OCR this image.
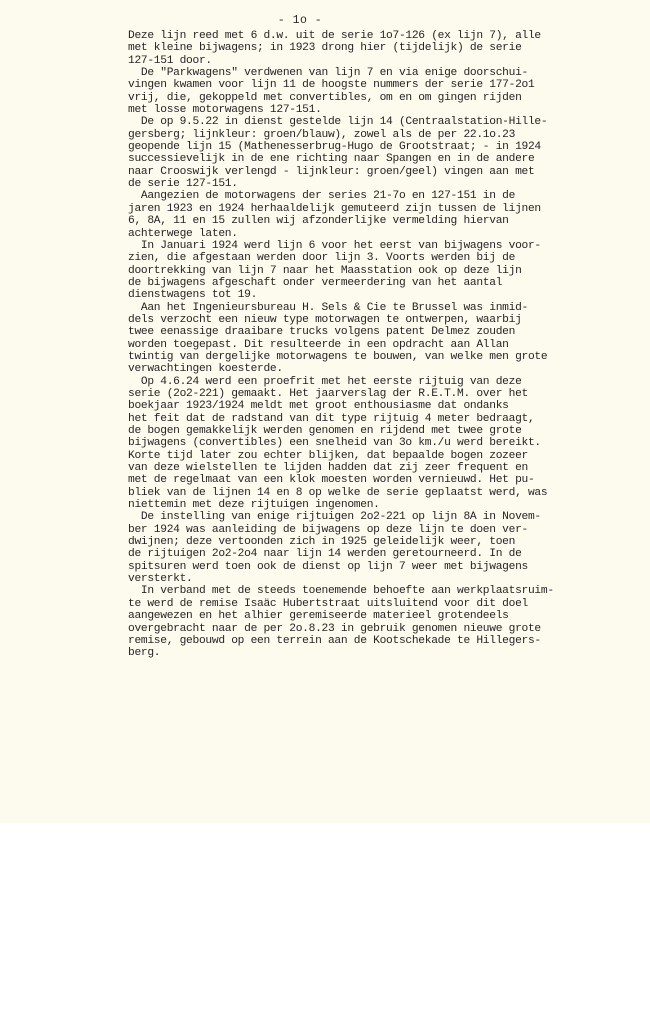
- 1o -
Deze lijn reed met 6 d.w. uit de serie 1o7-126 (ex lijn 7), alle
met kleine bijwagens; in 1923 drong hier (tijdelijk) de serie
127-151 door.
De "Parkwagens" verdwenen van lijn 7 en via enige doorschui-
vingen kwamen voor lijn 11 de hoogste nummers der serie 177-2o1
vrij, die, gekoppeld met convertibles, om en om gingen rijden
met losse motorwagens 127-151.
De op 9.5.22 in dienst gestelde lijn 14 (Centraalstation-Hille-
gersberg; lijnkleur: groen/blauw), zowel als de per 22.1o.23
geopende lijn 15 (Mathenesserbrug-Hugo de Grootstraat; - in 1924
successievelijk in de ene richting naar Spangen en in de andere
naar Crooswijk verlengd - lijnkleur: groen/geel) vingen aan met
de serie 127-151.
Aangezien de motorwagens der series 21-7o en 127-151 in de
jaren 1923 en 1924 herhaaldelijk gemuteerd zijn tussen de lijnen
6, 8A, 11 en 15 zullen wij afzonderlijke vermelding hiervan
achterwege laten.
In Januari 1924 werd lijn 6 voor het eerst van bijwagens voor-
zien, die afgestaan werden door lijn 3. Voorts werden bij de
doortrekking van lijn 7 naar het Maasstation ook op deze lijn
de bijwagens afgeschaft onder vermeerdering van het aantal
dienstwagens tot 19.
Aan het Ingenieursbureau H. Sels & Cie te Brussel was inmid-
dels verzocht een nieuw type motorwagen te ontwerpen, waarbij
twee eenassige draaibare trucks volgens patent Delmez zouden
worden toegepast. Dit resulteerde in een opdracht aan Allan
twintig van dergelijke motorwagens te bouwen, van welke men grote
verwachtingen koesterde.
Op 4.6.24 werd een proefrit met het eerste rijtuig van deze
serie (2o2-221) gemaakt. Het jaarverslag der R.E.T.M. over het
boekjaar 1923/1924 meldt met groot enthousiasme dat ondanks
het feit dat de radstand van dit type rijtuig 4 meter bedraagt,
de bogen gemakkelijk werden genomen en rijdend met twee grote
bijwagens (convertibles) een snelheid van 3o km./u werd bereikt.
Korte tijd later zou echter blijken, dat bepaalde bogen zozeer
van deze wielstellen te lijden hadden dat zij zeer frequent en
met de regelmaat van een klok moesten worden vernieuwd. Het pu-
bliek van de lijnen 14 en 8 op welke de serie geplaatst werd, was
niettemin met deze rijtuigen ingenomen.
De instelling van enige rijtuigen 2o2-221 op lijn 8A in Novem-
ber 1924 was aanleiding de bijwagens op deze lijn te doen ver-
dwijnen; deze vertoonden zich in 1925 geleidelijk weer, toen
de rijtuigen 2o2-2o4 naar lijn 14 werden geretourneerd. In de
spitsuren werd toen ook de dienst op lijn 7 weer met bijwagens
versterkt.
In verband met de steeds toenemende behoefte aan werkplaatsruim-
te werd de remise Isaäc Hubertstraat uitsluitend voor dit doel
aangewezen en het alhier geremiseerde materieel grotendeels
overgebracht naar de per 2o.8.23 in gebruik genomen nieuwe grote
remise, gebouwd op een terrein aan de Kootschekade te Hillegers-
berg.
